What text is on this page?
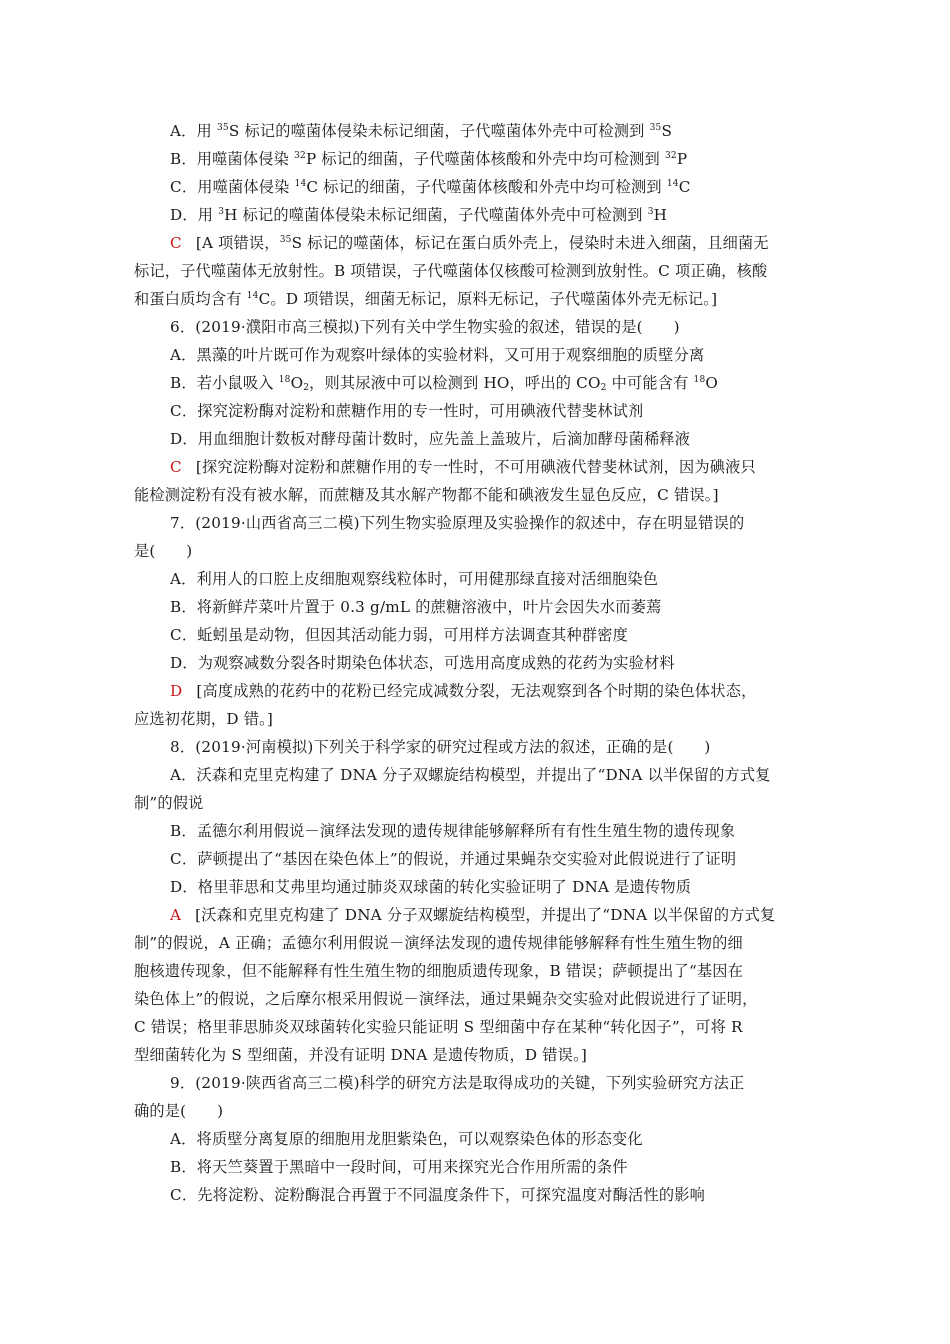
A．用 $^{35}$S 标记的噬菌体侵染未标记细菌，子代噬菌体外壳中可检测到 $^{35}$S
B．用噬菌体侵染 $^{32}$P 标记的细菌，子代噬菌体核酸和外壳中均可检测到 $^{32}$P
C．用噬菌体侵染 $^{14}$C 标记的细菌，子代噬菌体核酸和外壳中均可检测到 $^{14}$C
D．用 $^3$H 标记的噬菌体侵染未标记细菌，子代噬菌体外壳中可检测到 $^3$H
C [A 项错误，$^{35}$S 标记的噬菌体，标记在蛋白质外壳上，侵染时未进入细菌，且细菌无
标记，子代噬菌体无放射性。B 项错误，子代噬菌体仅核酸可检测到放射性。C 项正确，核酸
和蛋白质均含有 $^{14}$C。D 项错误，细菌无标记，原料无标记，子代噬菌体外壳无标记。]
6．(2019·濮阳市高三模拟)下列有关中学生物实验的叙述，错误的是(　　)
A．黑藻的叶片既可作为观察叶绿体的实验材料，又可用于观察细胞的质壁分离
B．若小鼠吸入 $^{18}O_2$，则其尿液中可以检测到 HO，呼出的 $CO_2$ 中可能含有 $^{18}$O
C．探究淀粉酶对淀粉和蔗糖作用的专一性时，可用碘液代替斐林试剂
D．用血细胞计数板对酵母菌计数时，应先盖上盖玻片，后滴加酵母菌稀释液
C [探究淀粉酶对淀粉和蔗糖作用的专一性时，不可用碘液代替斐林试剂，因为碘液只
能检测淀粉有没有被水解，而蔗糖及其水解产物都不能和碘液发生显色反应，C 错误。]
7．(2019·山西省高三二模)下列生物实验原理及实验操作的叙述中，存在明显错误的
是(　　)
A．利用人的口腔上皮细胞观察线粒体时，可用健那绿直接对活细胞染色
B．将新鲜芹菜叶片置于 0.3 g/mL 的蔗糖溶液中，叶片会因失水而萎蔫
C．蚯蚓虽是动物，但因其活动能力弱，可用样方法调查其种群密度
D．为观察减数分裂各时期染色体状态，可选用高度成熟的花药为实验材料
D [高度成熟的花药中的花粉已经完成减数分裂，无法观察到各个时期的染色体状态，
应选初花期，D 错。]
8．(2019·河南模拟)下列关于科学家的研究过程或方法的叙述，正确的是(　　)
A．沃森和克里克构建了 DNA 分子双螺旋结构模型，并提出了“DNA 以半保留的方式复
制”的假说
B．孟德尔利用假说－演绎法发现的遗传规律能够解释所有有性生殖生物的遗传现象
C．萨顿提出了“基因在染色体上”的假说，并通过果蝇杂交实验对此假说进行了证明
D．格里菲思和艾弗里均通过肺炎双球菌的转化实验证明了 DNA 是遗传物质
A [沃森和克里克构建了 DNA 分子双螺旋结构模型，并提出了“DNA 以半保留的方式复
制”的假说，A 正确；孟德尔利用假说－演绎法发现的遗传规律能够解释有性生殖生物的细
胞核遗传现象，但不能解释有性生殖生物的细胞质遗传现象，B 错误；萨顿提出了“基因在
染色体上”的假说，之后摩尔根采用假说－演绎法，通过果蝇杂交实验对此假说进行了证明，
C 错误；格里菲思肺炎双球菌转化实验只能证明 S 型细菌中存在某种“转化因子”，可将 R
型细菌转化为 S 型细菌，并没有证明 DNA 是遗传物质，D 错误。]
9．(2019·陕西省高三二模)科学的研究方法是取得成功的关键，下列实验研究方法正
确的是(　　)
A．将质壁分离复原的细胞用龙胆紫染色，可以观察染色体的形态变化
B．将天竺葵置于黑暗中一段时间，可用来探究光合作用所需的条件
C．先将淀粉、淀粉酶混合再置于不同温度条件下，可探究温度对酶活性的影响
